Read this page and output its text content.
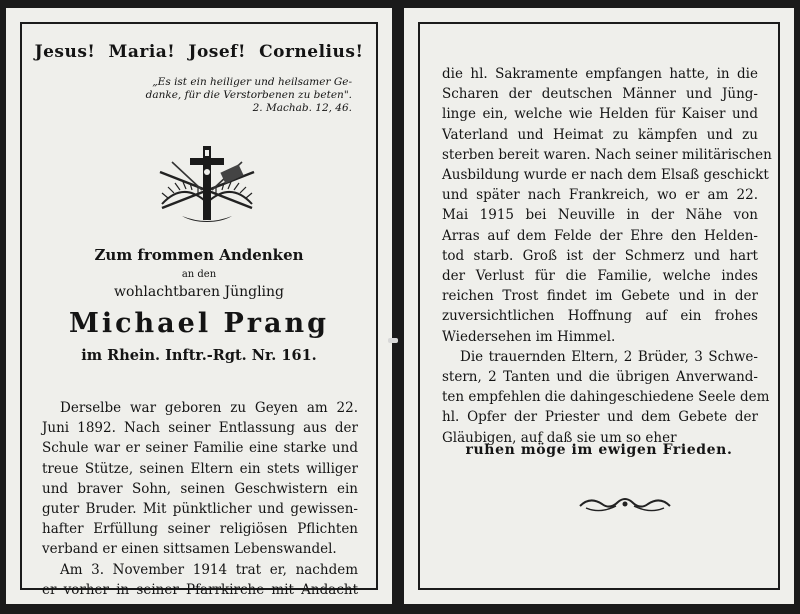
Jesus! Maria! Josef! Cornelius!
„Es ist ein heiliger und heilsamer Ge-
danke, für die Verstorbenen zu beten".
2. Machab. 12, 46.
Zum frommen Andenken
an den
wohlachtbaren Jüngling
Michael Prang
im Rhein. Inftr.-Rgt. Nr. 161.
Derselbe war geboren zu Geyen am 22.
Juni 1892. Nach seiner Entlassung aus der
Schule war er seiner Familie eine starke und
treue Stütze, seinen Eltern ein stets williger
und braver Sohn, seinen Geschwistern ein
guter Bruder. Mit pünktlicher und gewissen-
hafter Erfüllung seiner religiösen Pflichten
verband er einen sittsamen Lebenswandel.
Am 3. November 1914 trat er, nachdem
er vorher in seiner Pfarrkirche mit Andacht
die hl. Sakramente empfangen hatte, in die
Scharen der deutschen Männer und Jüng-
linge ein, welche wie Helden für Kaiser und
Vaterland und Heimat zu kämpfen und zu
sterben bereit waren. Nach seiner militärischen
Ausbildung wurde er nach dem Elsaß geschickt
und später nach Frankreich, wo er am 22.
Mai 1915 bei Neuville in der Nähe von
Arras auf dem Felde der Ehre den Helden-
tod starb. Groß ist der Schmerz und hart
der Verlust für die Familie, welche indes
reichen Trost findet im Gebete und in der
zuversichtlichen Hoffnung auf ein frohes
Wiedersehen im Himmel.
Die trauernden Eltern, 2 Brüder, 3 Schwe-
stern, 2 Tanten und die übrigen Anverwand-
ten empfehlen die dahingeschiedene Seele dem
hl. Opfer der Priester und dem Gebete der
Gläubigen, auf daß sie um so eher
ruhen möge im ewigen Frieden.
